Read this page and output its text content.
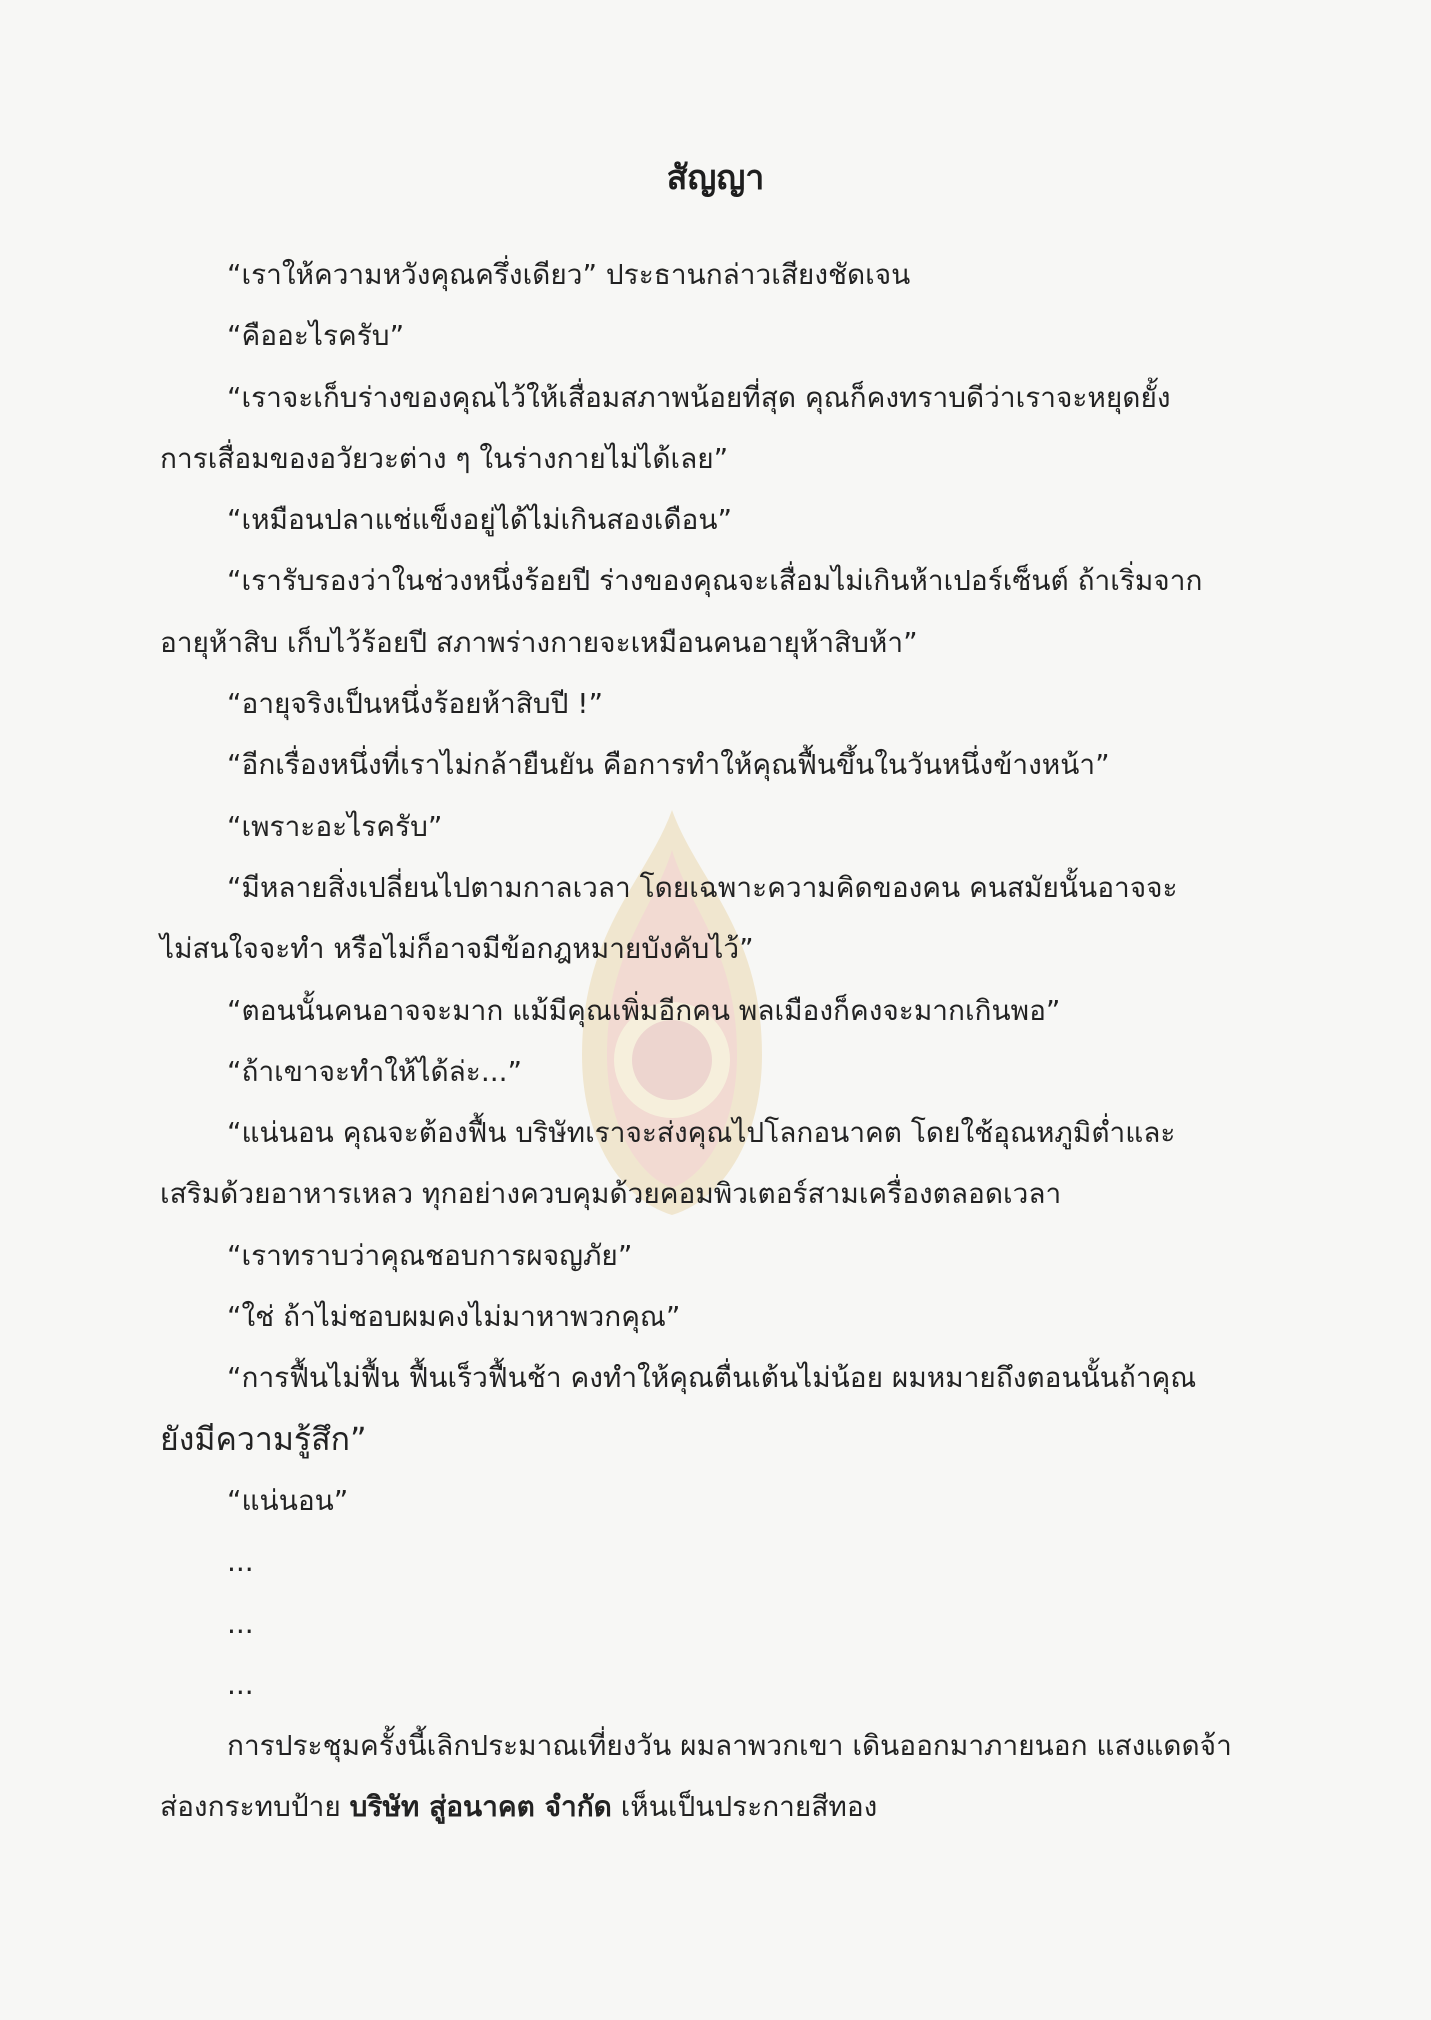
สัญญา

“เราให้ความหวังคุณครึ่งเดียว” ประธานกล่าวเสียงชัดเจน

“คืออะไรครับ”

“เราจะเก็บร่างของคุณไว้ให้เสื่อมสภาพน้อยที่สุด คุณก็คงทราบดีว่าเราจะหยุดยั้ง

การเสื่อมของอวัยวะต่าง ๆ ในร่างกายไม่ได้เลย”

“เหมือนปลาแช่แข็งอยู่ได้ไม่เกินสองเดือน”

“เรารับรองว่าในช่วงหนึ่งร้อยปี ร่างของคุณจะเสื่อมไม่เกินห้าเปอร์เซ็นต์ ถ้าเริ่มจาก

อายุห้าสิบ เก็บไว้ร้อยปี สภาพร่างกายจะเหมือนคนอายุห้าสิบห้า”

“อายุจริงเป็นหนึ่งร้อยห้าสิบปี !”

“อีกเรื่องหนึ่งที่เราไม่กล้ายืนยัน คือการทำให้คุณฟื้นขึ้นในวันหนึ่งข้างหน้า”

“เพราะอะไรครับ”

“มีหลายสิ่งเปลี่ยนไปตามกาลเวลา โดยเฉพาะความคิดของคน คนสมัยนั้นอาจจะ

ไม่สนใจจะทำ หรือไม่ก็อาจมีข้อกฎหมายบังคับไว้”

“ตอนนั้นคนอาจจะมาก แม้มีคุณเพิ่มอีกคน พลเมืองก็คงจะมากเกินพอ”

“ถ้าเขาจะทำให้ได้ล่ะ...”

“แน่นอน คุณจะต้องฟื้น บริษัทเราจะส่งคุณไปโลกอนาคต โดยใช้อุณหภูมิต่ำและ

เสริมด้วยอาหารเหลว ทุกอย่างควบคุมด้วยคอมพิวเตอร์สามเครื่องตลอดเวลา

“เราทราบว่าคุณชอบการผจญภัย”

“ใช่ ถ้าไม่ชอบผมคงไม่มาหาพวกคุณ”

“การฟื้นไม่ฟื้น ฟื้นเร็วฟื้นช้า คงทำให้คุณตื่นเต้นไม่น้อย ผมหมายถึงตอนนั้นถ้าคุณ

ยังมีความรู้สึก”

“แน่นอน”

...

...

...

การประชุมครั้งนี้เลิกประมาณเที่ยงวัน ผมลาพวกเขา เดินออกมาภายนอก แสงแดดจ้า

ส่องกระทบป้าย บริษัท สู่อนาคต จำกัด เห็นเป็นประกายสีทอง
